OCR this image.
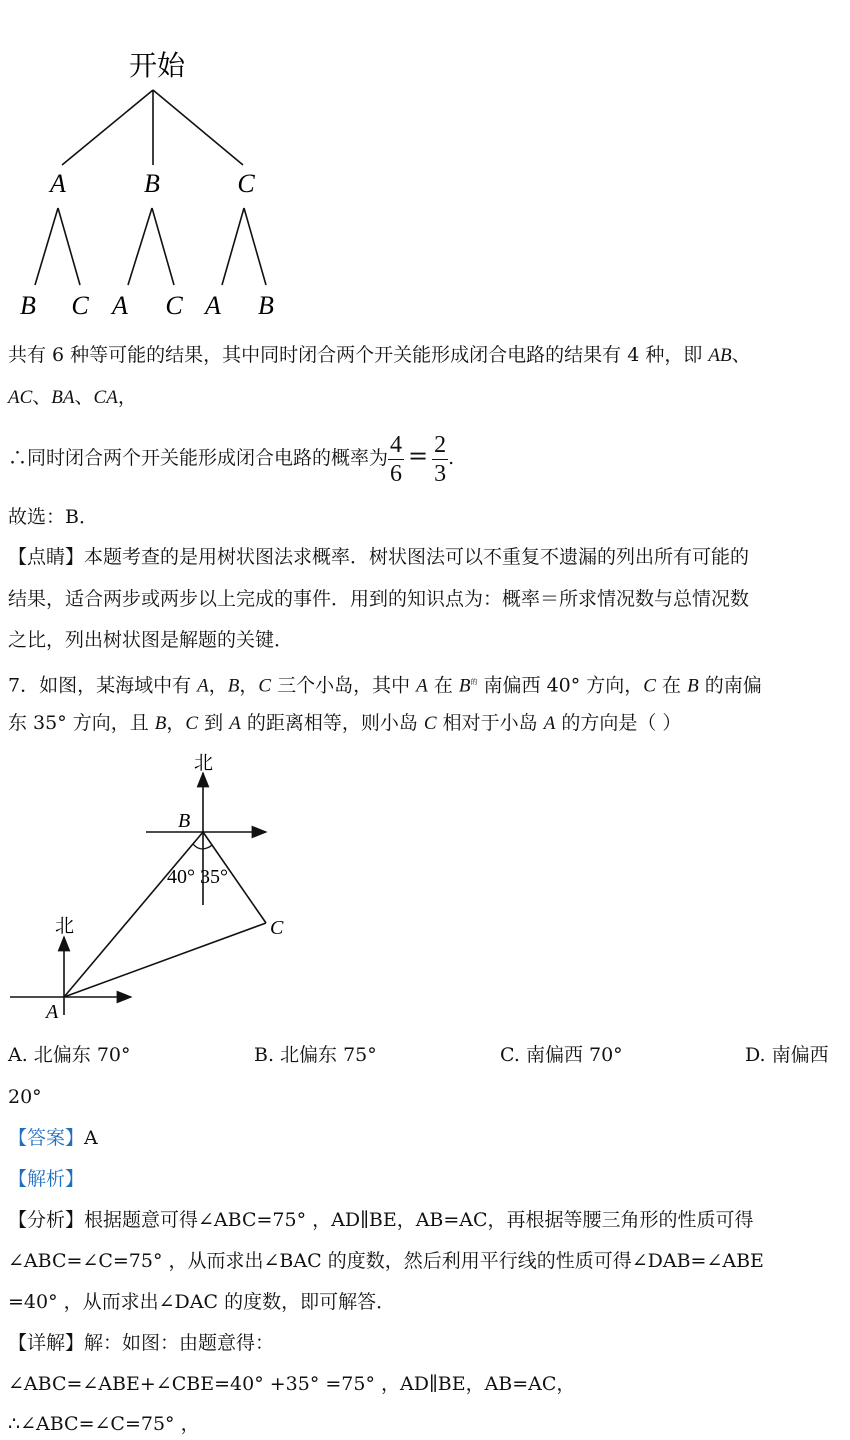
开始
A	B	C
B C A C A B
共有 6 种等可能的结果，其中同时闭合两个开关能形成闭合电路的结果有 4 种，即 AB、
AC、BA、CA，
∴同时闭合两个开关能形成闭合电路的概率为 $\frac{4}{6} = \frac{2}{3}$ .
故选：B．
【点睛】本题考查的是用树状图法求概率．树状图法可以不重复不遗漏的列出所有可能的
结果，适合两步或两步以上完成的事件．用到的知识点为：概率＝所求情况数与总情况数
之比，列出树状图是解题的关键．
7．如图，某海域中有 A，B，C 三个小岛，其中 A 在 $B^的$ 南偏西 40° 方向，C 在 B 的南偏
东 35° 方向，且 B，C 到 A 的距离相等，则小岛 C 相对于小岛 A 的方向是（ ）
北
北
B
C
A
40° 35°
A. 北偏东 70°	B. 北偏东 75°	C. 南偏西 70°	D. 南偏西
20°
【答案】A
【解析】
【分析】根据题意可得∠ABC=75° ，AD∥BE，AB=AC，再根据等腰三角形的性质可得
∠ABC=∠C=75° ，从而求出∠BAC 的度数，然后利用平行线的性质可得∠DAB=∠ABE
=40° ，从而求出∠DAC 的度数，即可解答．
【详解】解：如图：由题意得：
∠ABC=∠ABE+∠CBE=40° +35° =75° ，AD∥BE，AB=AC，
∴∠ABC=∠C=75° ，
